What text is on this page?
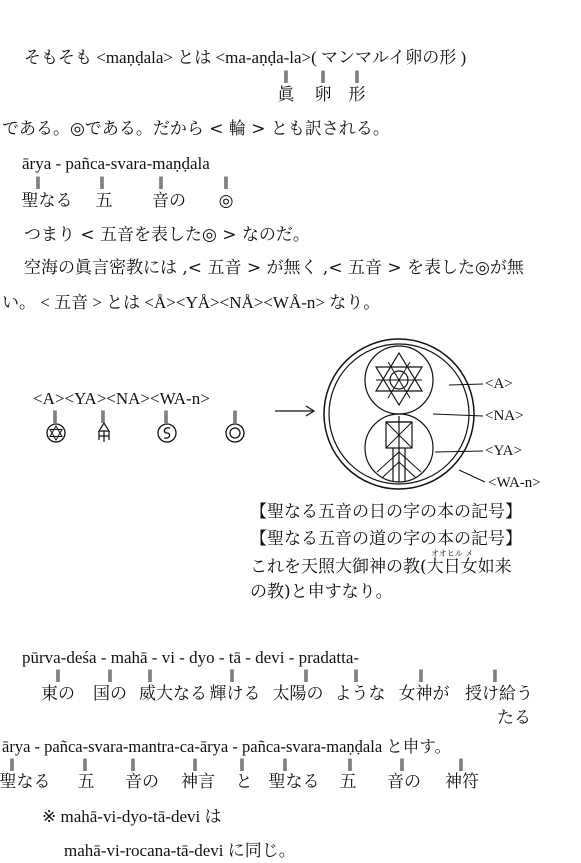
そもそも <maṇḍala> とは <ma-aṇḍa-la>( マンマルイ卵の形 )
‖	‖ ‖
眞 卵 形
である。◎である。だから < 輪 > とも訳される。
ārya - pañca-svara-maṇḍala
‖	‖	‖	‖
聖なる 五 音の ◎
つまり < 五音を表した◎ > なのだ。
空海の眞言密教には ,< 五音 > が無く ,< 五音 > を表した◎が無
い。 < 五音 > とは <Å><YÅ><NÅ><WÅ-n> なり。
<A><YA><NA><WA-n>
‖	‖	‖	‖
<A>
<NA>
<YA>
<WA-n>
【聖なる五音の日の字の本の記号】
【聖なる五音の道の字の本の記号】
これを天照大御神の教(
オオヒル メ
大日女如来
の教)と申すなり。
pūrva-deśa - mahā - vi - dyo - tā - devi - pradatta-
‖	‖	‖	‖	‖	‖	‖	‖
東の 国の 威大なる 輝ける 太陽の ような 女神が 授け給う
たる
ārya - pañca-svara-mantra-ca-ārya - pañca-svara-maṇḍala と申す。
‖	‖	‖	‖	‖	‖	‖	‖	‖
聖なる 五 音の 神言 と 聖なる 五 音の 神符
※ mahā-vi-dyo-tā-devi は
mahā-vi-rocana-tā-devi に同じ。
